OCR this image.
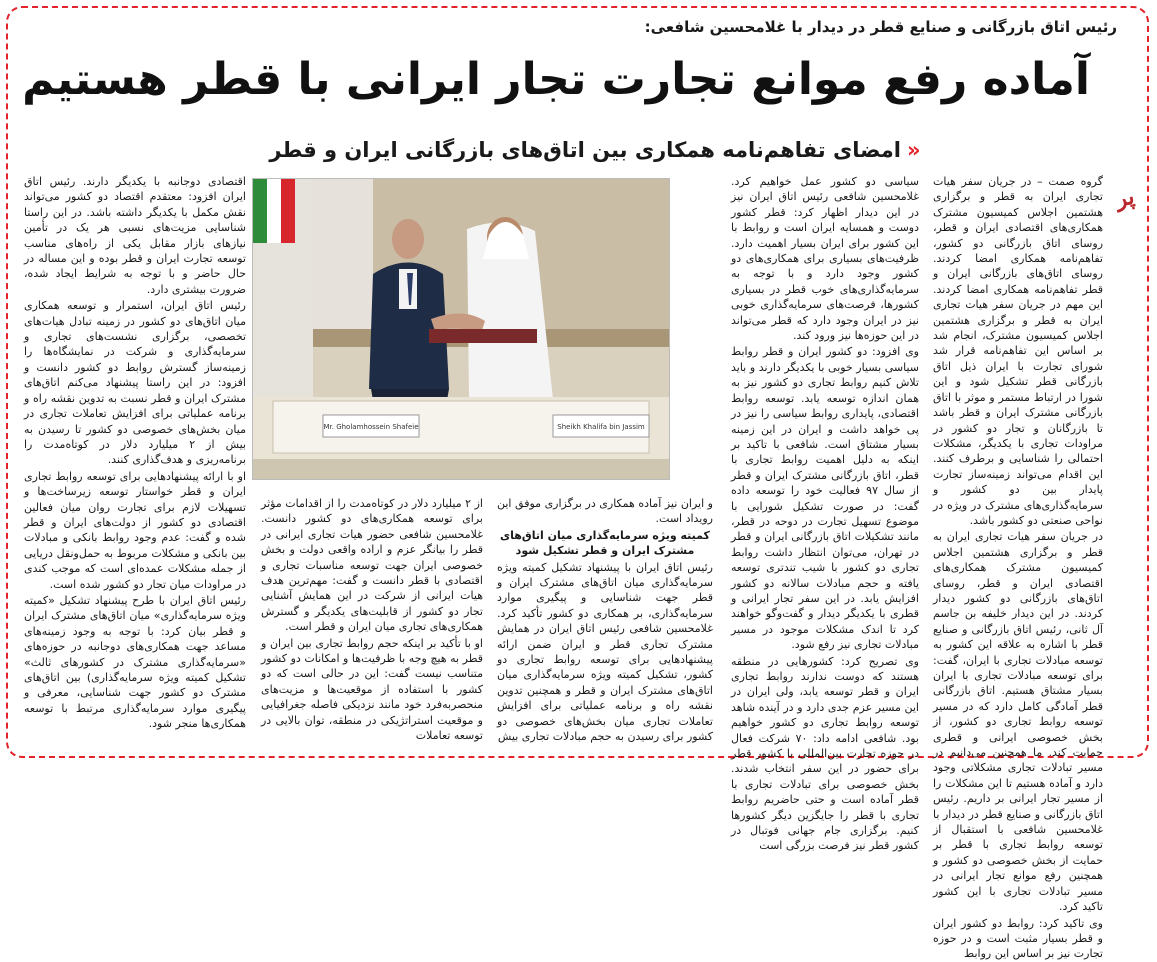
رئیس اتاق بازرگانی و صنایع قطر در دیدار با غلامحسین شافعی:
آماده رفع موانع تجارت تجار ایرانی با قطر هستیم
«امضای تفاهم‌نامه همکاری بین اتاق‌های بازرگانی ایران و قطر
پر

گروه صمت – در جریان سفر هیات تجاری ایران به قطر و برگزاری هشتمین اجلاس کمیسیون مشترک همکاری‌های اقتصادی ایران و قطر، روسای اتاق بازرگانی دو کشور، تفاهم‌نامه همکاری امضا کردند. روسای اتاق‌های بازرگانی ایران و قطر تفاهم‌نامه همکاری امضا کردند. این مهم در جریان سفر هیات تجاری ایران به قطر و برگزاری هشتمین اجلاس کمیسیون مشترک، انجام شد بر اساس این تفاهم‌نامه قرار شد شورای تجارت با ایران ذیل اتاق بازرگانی قطر تشکیل شود و این شورا در ارتباط مستمر و موثر با اتاق بازرگانی مشترک ایران و قطر باشد تا بازرگانان و تجار دو کشور در مراودات تجاری با یکدیگر، مشکلات احتمالی را شناسایی و برطرف کنند. این اقدام می‌تواند زمینه‌ساز تجارت پایدار بین دو کشور و سرمایه‌گذاری‌های مشترک در ویژه در نواحی صنعتی دو کشور باشد.

در جریان سفر هیات تجاری ایران به قطر و برگزاری هشتمین اجلاس کمیسیون مشترک همکاری‌های اقتصادی ایران و قطر، روسای اتاق‌های بازرگانی دو کشور دیدار کردند. در این دیدار خلیفه بن جاسم آل ثانی، رئیس اتاق بازرگانی و صنایع قطر با اشاره به علاقه این کشور به توسعه مبادلات تجاری با ایران، گفت: برای توسعه مبادلات تجاری با ایران بسیار مشتاق هستیم. اتاق بازرگانی قطر آمادگی کامل دارد که در مسیر توسعه روابط تجاری دو کشور، از بخش خصوصی ایرانی و قطری حمایت کند. ما همچنین می‌دانیم در مسیر تبادلات تجاری مشکلاتی وجود دارد و آماده هستیم تا این مشکلات را از مسیر تجار ایرانی بر داریم. رئیس اتاق بازرگانی و صنایع قطر در دیدار با غلامحسین شافعی با استقبال از توسعه روابط تجاری با قطر بر حمایت از بخش خصوصی دو کشور و همچنین رفع موانع تجار ایرانی در مسیر تبادلات تجاری با این کشور تاکید کرد.

وی تاکید کرد: روابط دو کشور ایران و قطر بسیار مثبت است و در حوزه تجارت نیز بر اساس این روابط

سیاسی دو کشور عمل خواهیم کرد. غلامحسین شافعی رئیس اتاق ایران نیز در این دیدار اظهار کرد: قطر کشور دوست و همسایه ایران است و روابط با این کشور برای ایران بسیار اهمیت دارد. ظرفیت‌های بسیاری برای همکاری‌های دو کشور وجود دارد و با توجه به سرمایه‌گذاری‌های خوب قطر در بسیاری کشورها، فرصت‌های سرمایه‌گذاری خوبی نیز در ایران وجود دارد که قطر می‌تواند در این حوزه‌ها نیز ورود کند.

وی افزود: دو کشور ایران و قطر روابط سیاسی بسیار خوبی با یکدیگر دارند و باید تلاش کنیم روابط تجاری دو کشور نیز به همان اندازه توسعه یابد. توسعه روابط اقتصادی، پایداری روابط سیاسی را نیز در پی خواهد داشت و ایران در این زمینه بسیار مشتاق است. شافعی با تاکید بر اینکه به دلیل اهمیت روابط تجاری با قطر، اتاق بازرگانی مشترک ایران و قطر از سال ۹۷ فعالیت خود را توسعه داده گفت: در صورت تشکیل شورایی با موضوع تسهیل تجارت در دوحه در قطر، مانند تشکیلات اتاق بازرگانی ایران و قطر در تهران، می‌توان انتظار داشت روابط تجاری دو کشور با شیب تندتری توسعه یافته و حجم مبادلات سالانه دو کشور افزایش یابد. در این سفر تجار ایرانی و قطری با یکدیگر دیدار و گفت‌وگو خواهند کرد تا اندک مشکلات موجود در مسیر مبادلات تجاری نیز رفع شود.

وی تصریح کرد: کشورهایی در منطقه هستند که دوست ندارند روابط تجاری ایران و قطر توسعه یابد، ولی ایران در این مسیر عزم جدی دارد و در آینده شاهد توسعه روابط تجاری دو کشور خواهیم بود. شافعی ادامه داد: ۷۰ شرکت فعال در حوزه تجارت بین‌المللی با کشور قطر برای حضور در این سفر انتخاب شدند. بخش خصوصی برای تبادلات تجاری با قطر آماده است و حتی حاضریم روابط تجاری با قطر را جایگزین دیگر کشورها کنیم. برگزاری جام جهانی فوتبال در کشور قطر نیز فرصت بزرگی است

Mr. Gholamhossein Shafeie	Sheikh Khalifa bin Jassim

اقتصادی دوجانبه با یکدیگر دارند. رئیس اتاق ایران افزود: معتقدم اقتصاد دو کشور می‌تواند نقش مکمل با یکدیگر داشته باشد. در این راستا شناسایی مزیت‌های نسبی هر یک در تأمین نیازهای بازار مقابل یکی از راه‌های مناسب توسعه تجارت ایران و قطر بوده و این مساله در حال حاضر و با توجه به شرایط ایجاد شده، ضرورت بیشتری دارد.

رئیس اتاق ایران، استمرار و توسعه همکاری میان اتاق‌های دو کشور در زمینه تبادل هیات‌های تخصصی، برگزاری نشست‌های تجاری و سرمایه‌گذاری و شرکت در نمایشگاه‌ها را زمینه‌ساز گسترش روابط دو کشور دانست و افزود: در این راستا پیشنهاد می‌کنم اتاق‌های مشترک ایران و قطر نسبت به تدوین نقشه راه و برنامه عملیاتی برای افزایش تعاملات تجاری در میان بخش‌های خصوصی دو کشور تا رسیدن به بیش از ۲ میلیارد دلار در کوتاه‌مدت را برنامه‌ریزی و هدف‌گذاری کنند.

او با ارائه پیشنهادهایی برای توسعه روابط تجاری ایران و قطر خواستار توسعه زیرساخت‌ها و تسهیلات لازم برای تجارت روان میان فعالین اقتصادی دو کشور از دولت‌های ایران و قطر شده و گفت: عدم وجود روابط بانکی و مبادلات بین بانکی و مشکلات مربوط به حمل‌ونقل دریایی از جمله مشکلات عمده‌ای است که موجب کندی در مراودات میان تجار دو کشور شده است.

رئیس اتاق ایران با طرح پیشنهاد تشکیل «کمیته ویژه سرمایه‌گذاری» میان اتاق‌های مشترک ایران و قطر بیان کرد: با توجه به وجود زمینه‌های مساعد جهت همکاری‌های دوجانبه در حوزه‌های «سرمایه‌گذاری مشترک در کشورهای ثالث» تشکیل کمیته ویژه سرمایه‌گذاری) بین اتاق‌های مشترک دو کشور جهت شناسایی، معرفی و پیگیری موارد سرمایه‌گذاری مرتبط با توسعه همکاری‌ها منجر شود.

و ایران نیز آماده همکاری در برگزاری موفق این رویداد است.

کمیته ویژه سرمایه‌گذاری میان اتاق‌های مشترک ایران و قطر تشکیل شود

رئیس اتاق ایران با پیشنهاد تشکیل کمیته ویژه سرمایه‌گذاری میان اتاق‌های مشترک ایران و قطر جهت شناسایی و پیگیری موارد سرمایه‌گذاری، بر همکاری دو کشور تأکید کرد. غلامحسین شافعی رئیس اتاق ایران در همایش مشترک تجاری قطر و ایران ضمن ارائه پیشنهادهایی برای توسعه روابط تجاری دو کشور، تشکیل کمیته ویژه سرمایه‌گذاری میان اتاق‌های مشترک ایران و قطر و همچنین تدوین نقشه راه و برنامه عملیاتی برای افزایش تعاملات تجاری میان بخش‌های خصوصی دو کشور برای رسیدن به حجم مبادلات تجاری بیش

از ۲ میلیارد دلار در کوتاه‌مدت را از اقدامات مؤثر برای توسعه همکاری‌های دو کشور دانست. غلامحسین شافعی حضور هیات تجاری ایرانی در قطر را بیانگر عزم و اراده واقعی دولت و بخش خصوصی ایران جهت توسعه مناسبات تجاری و اقتصادی با قطر دانست و گفت: مهم‌ترین هدف هیات ایرانی از شرکت در این همایش آشنایی تجار دو کشور از قابلیت‌های یکدیگر و گسترش همکاری‌های تجاری میان ایران و قطر است.

او با تأکید بر اینکه حجم روابط تجاری بین ایران و قطر به هیچ وجه با ظرفیت‌ها و امکانات دو کشور متناسب نیست گفت: این در حالی است که دو کشور با استفاده از موقعیت‌ها و مزیت‌های منحصربه‌فرد خود مانند نزدیکی فاصله جغرافیایی و موقعیت استراتژیکی در منطقه، توان بالایی در توسعه تعاملات
